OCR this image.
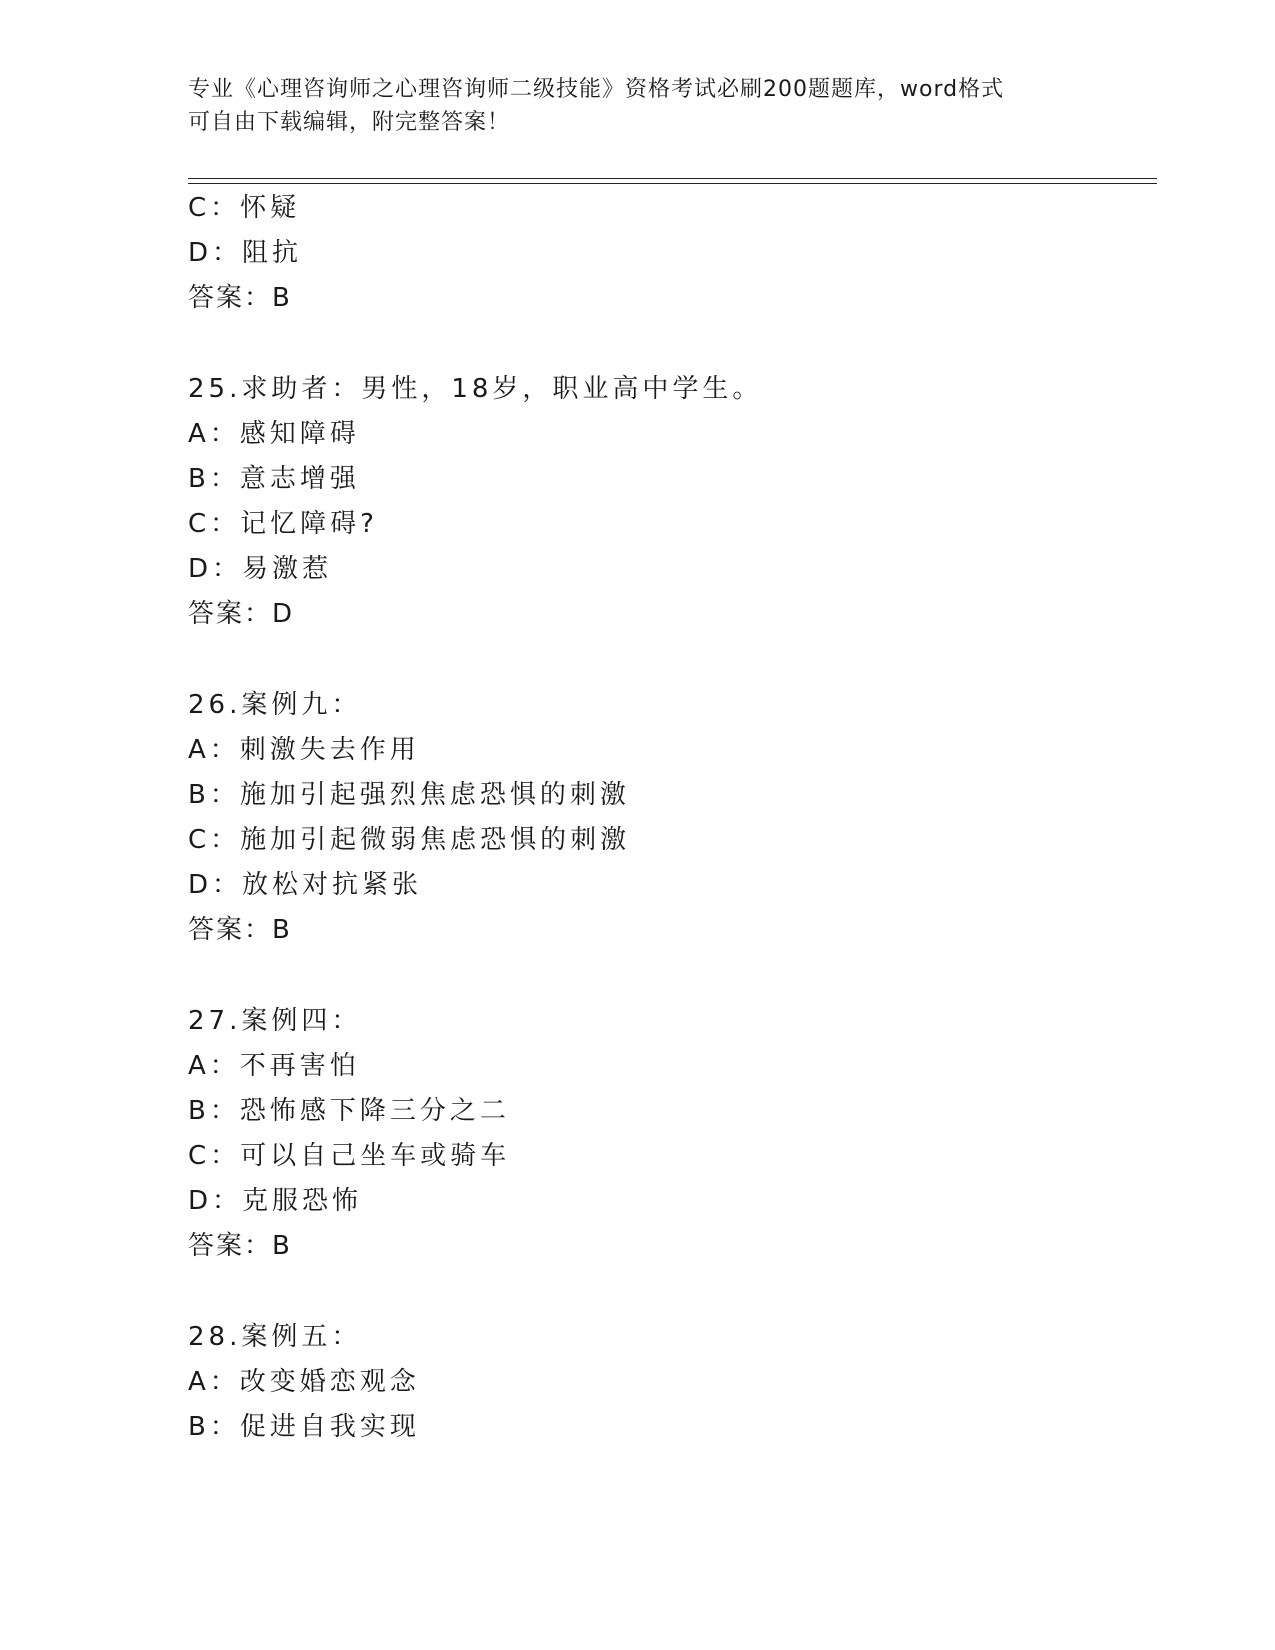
专业《心理咨询师之心理咨询师二级技能》资格考试必刷200题题库，word格式
可自由下载编辑，附完整答案！
C：怀疑
D：阻抗
答案：B
25.求助者：男性，18岁，职业高中学生。
A：感知障碍
B：意志增强
C：记忆障碍?
D：易激惹
答案：D
26.案例九：
A：刺激失去作用
B：施加引起强烈焦虑恐惧的刺激
C：施加引起微弱焦虑恐惧的刺激
D：放松对抗紧张
答案：B
27.案例四：
A：不再害怕
B：恐怖感下降三分之二
C：可以自己坐车或骑车
D：克服恐怖
答案：B
28.案例五：
A：改变婚恋观念
B：促进自我实现
